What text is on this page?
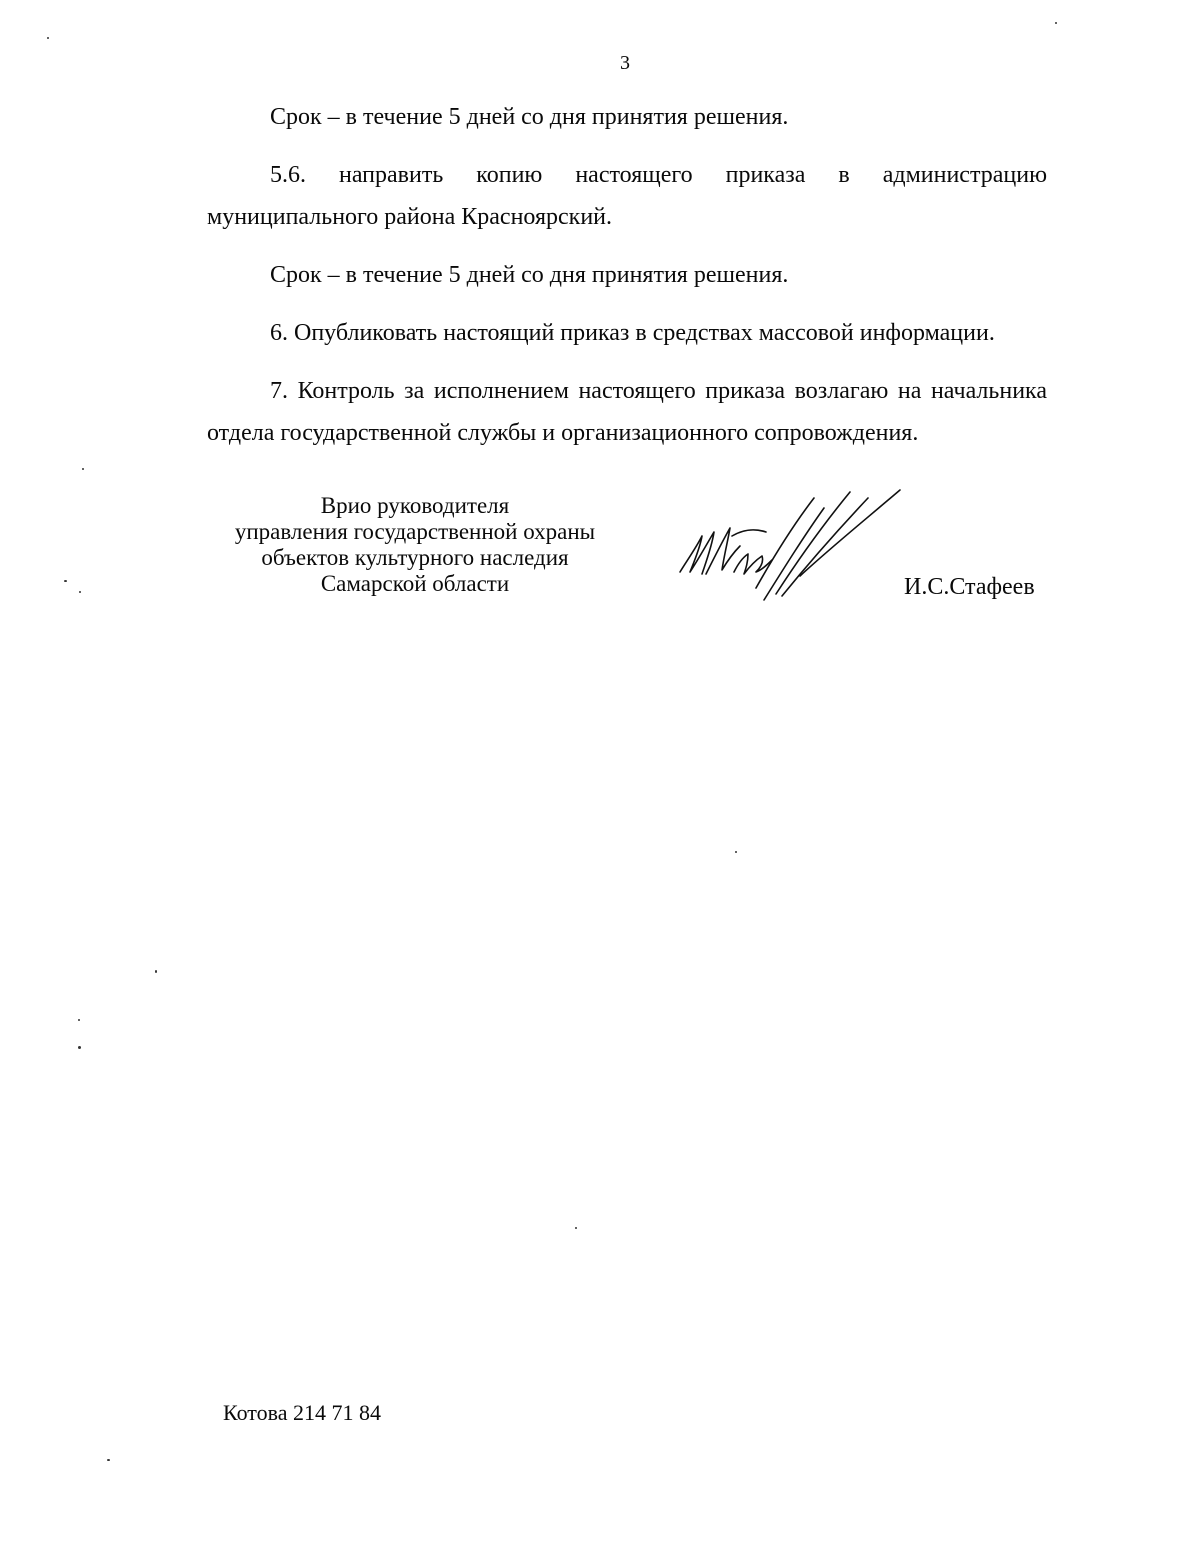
3

Срок – в течение 5 дней со дня принятия решения.

5.6. направить копию настоящего приказа в администрацию муниципального района Красноярский.

Срок – в течение 5 дней со дня принятия решения.

6. Опубликовать настоящий приказ в средствах массовой информации.

7. Контроль за исполнением настоящего приказа возлагаю на начальника отдела государственной службы и организационного сопровождения.

Врио руководителя
управления государственной охраны
объектов культурного наследия
Самарской области	И.С.Стафеев
Котова 214 71 84
